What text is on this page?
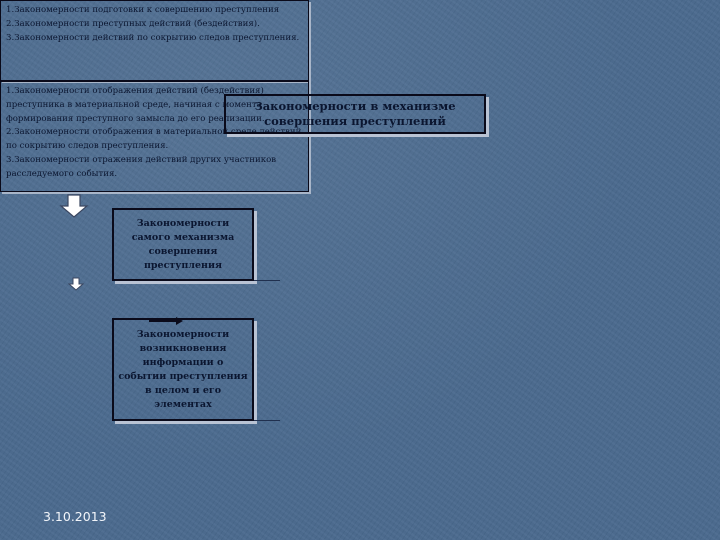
Закономерности в механизме совершения преступлений
Закономерности самого механизма совершения преступления
1.Закономерности подготовки к совершению преступления
2.Закономерности преступных действий (бездействия).
3.Закономерности действий по сокрытию следов преступления.
Закономерности возникновения информации о событии преступления в целом и его элементах
1.Закономерности отображения действий (бездействия) преступника в материальной среде, начиная с момента формирования преступного замысла до его реализации.
2.Закономерности отображения в материальной среде действий по сокрытию следов преступления.
3.Закономерности отражения действий других участников расследуемого события.
3.10.2013
